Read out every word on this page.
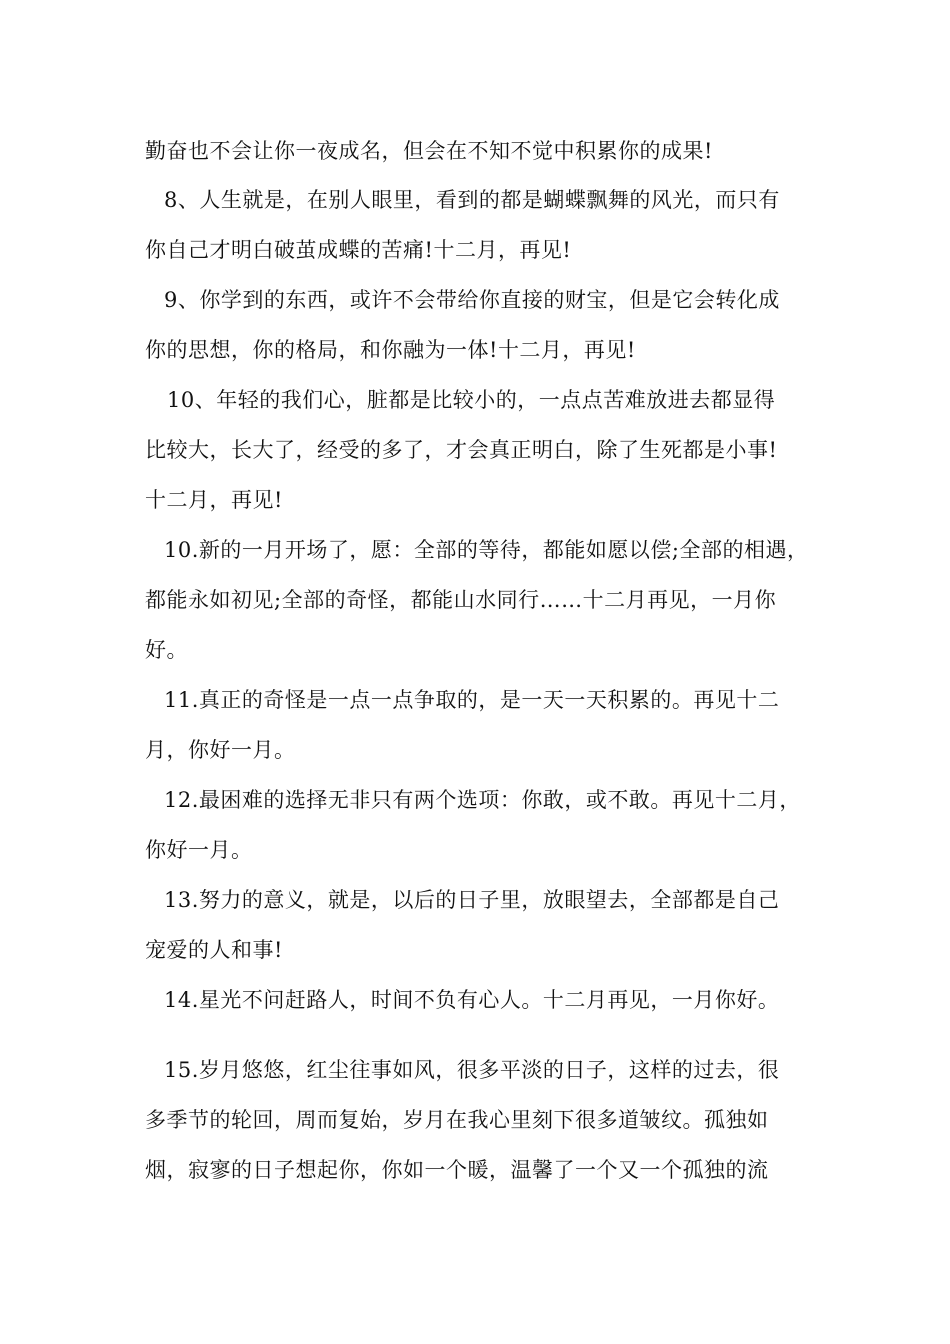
勤奋也不会让你一夜成名，但会在不知不觉中积累你的成果!

8、人生就是，在别人眼里，看到的都是蝴蝶飘舞的风光，而只有

你自己才明白破茧成蝶的苦痛!十二月，再见!

9、你学到的东西，或许不会带给你直接的财宝，但是它会转化成

你的思想，你的格局，和你融为一体!十二月，再见!

10、年轻的我们心，脏都是比较小的，一点点苦难放进去都显得

比较大，长大了，经受的多了，才会真正明白，除了生死都是小事!

十二月，再见!

10.新的一月开场了，愿：全部的等待，都能如愿以偿;全部的相遇，

都能永如初见;全部的奇怪，都能山水同行……十二月再见，一月你

好。

11.真正的奇怪是一点一点争取的，是一天一天积累的。再见十二

月，你好一月。

12.最困难的选择无非只有两个选项：你敢，或不敢。再见十二月，

你好一月。

13.努力的意义，就是，以后的日子里，放眼望去，全部都是自己

宠爱的人和事!

14.星光不问赶路人，时间不负有心人。十二月再见，一月你好。

15.岁月悠悠，红尘往事如风，很多平淡的日子，这样的过去，很

多季节的轮回，周而复始，岁月在我心里刻下很多道皱纹。孤独如

烟，寂寥的日子想起你，你如一个暖，温馨了一个又一个孤独的流
